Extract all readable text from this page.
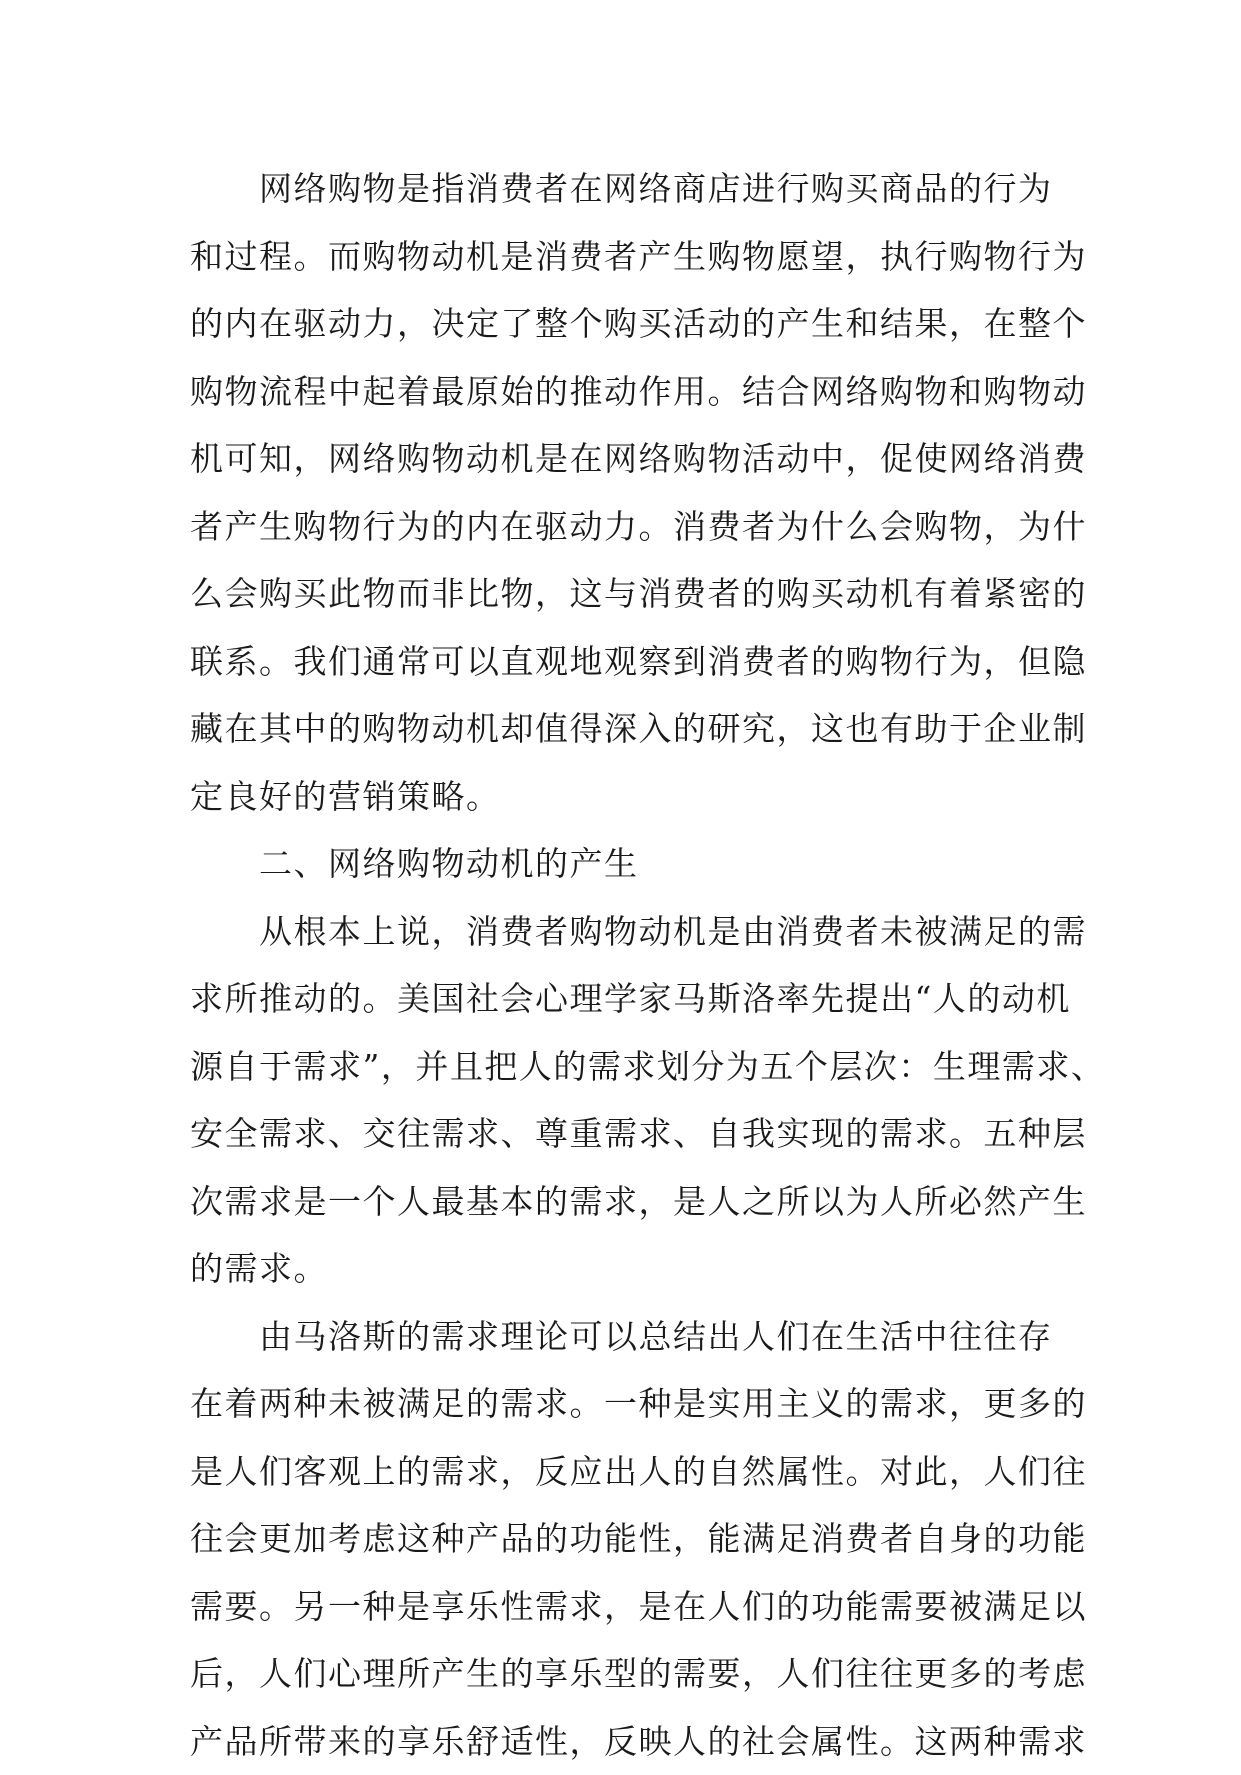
　　网络购物是指消费者在网络商店进行购买商品的行为
和过程。而购物动机是消费者产生购物愿望，执行购物行为
的内在驱动力，决定了整个购买活动的产生和结果，在整个
购物流程中起着最原始的推动作用。结合网络购物和购物动
机可知，网络购物动机是在网络购物活动中，促使网络消费
者产生购物行为的内在驱动力。消费者为什么会购物，为什
么会购买此物而非比物，这与消费者的购买动机有着紧密的
联系。我们通常可以直观地观察到消费者的购物行为，但隐
藏在其中的购物动机却值得深入的研究，这也有助于企业制
定良好的营销策略。
　　二、网络购物动机的产生
　　从根本上说，消费者购物动机是由消费者未被满足的需
求所推动的。美国社会心理学家马斯洛率先提出“人的动机
源自于需求”，并且把人的需求划分为五个层次：生理需求、
安全需求、交往需求、尊重需求、自我实现的需求。五种层
次需求是一个人最基本的需求，是人之所以为人所必然产生
的需求。
　　由马洛斯的需求理论可以总结出人们在生活中往往存
在着两种未被满足的需求。一种是实用主义的需求，更多的
是人们客观上的需求，反应出人的自然属性。对此，人们往
往会更加考虑这种产品的功能性，能满足消费者自身的功能
需要。另一种是享乐性需求，是在人们的功能需要被满足以
后，人们心理所产生的享乐型的需要，人们往往更多的考虑
产品所带来的享乐舒适性，反映人的社会属性。这两种需求
